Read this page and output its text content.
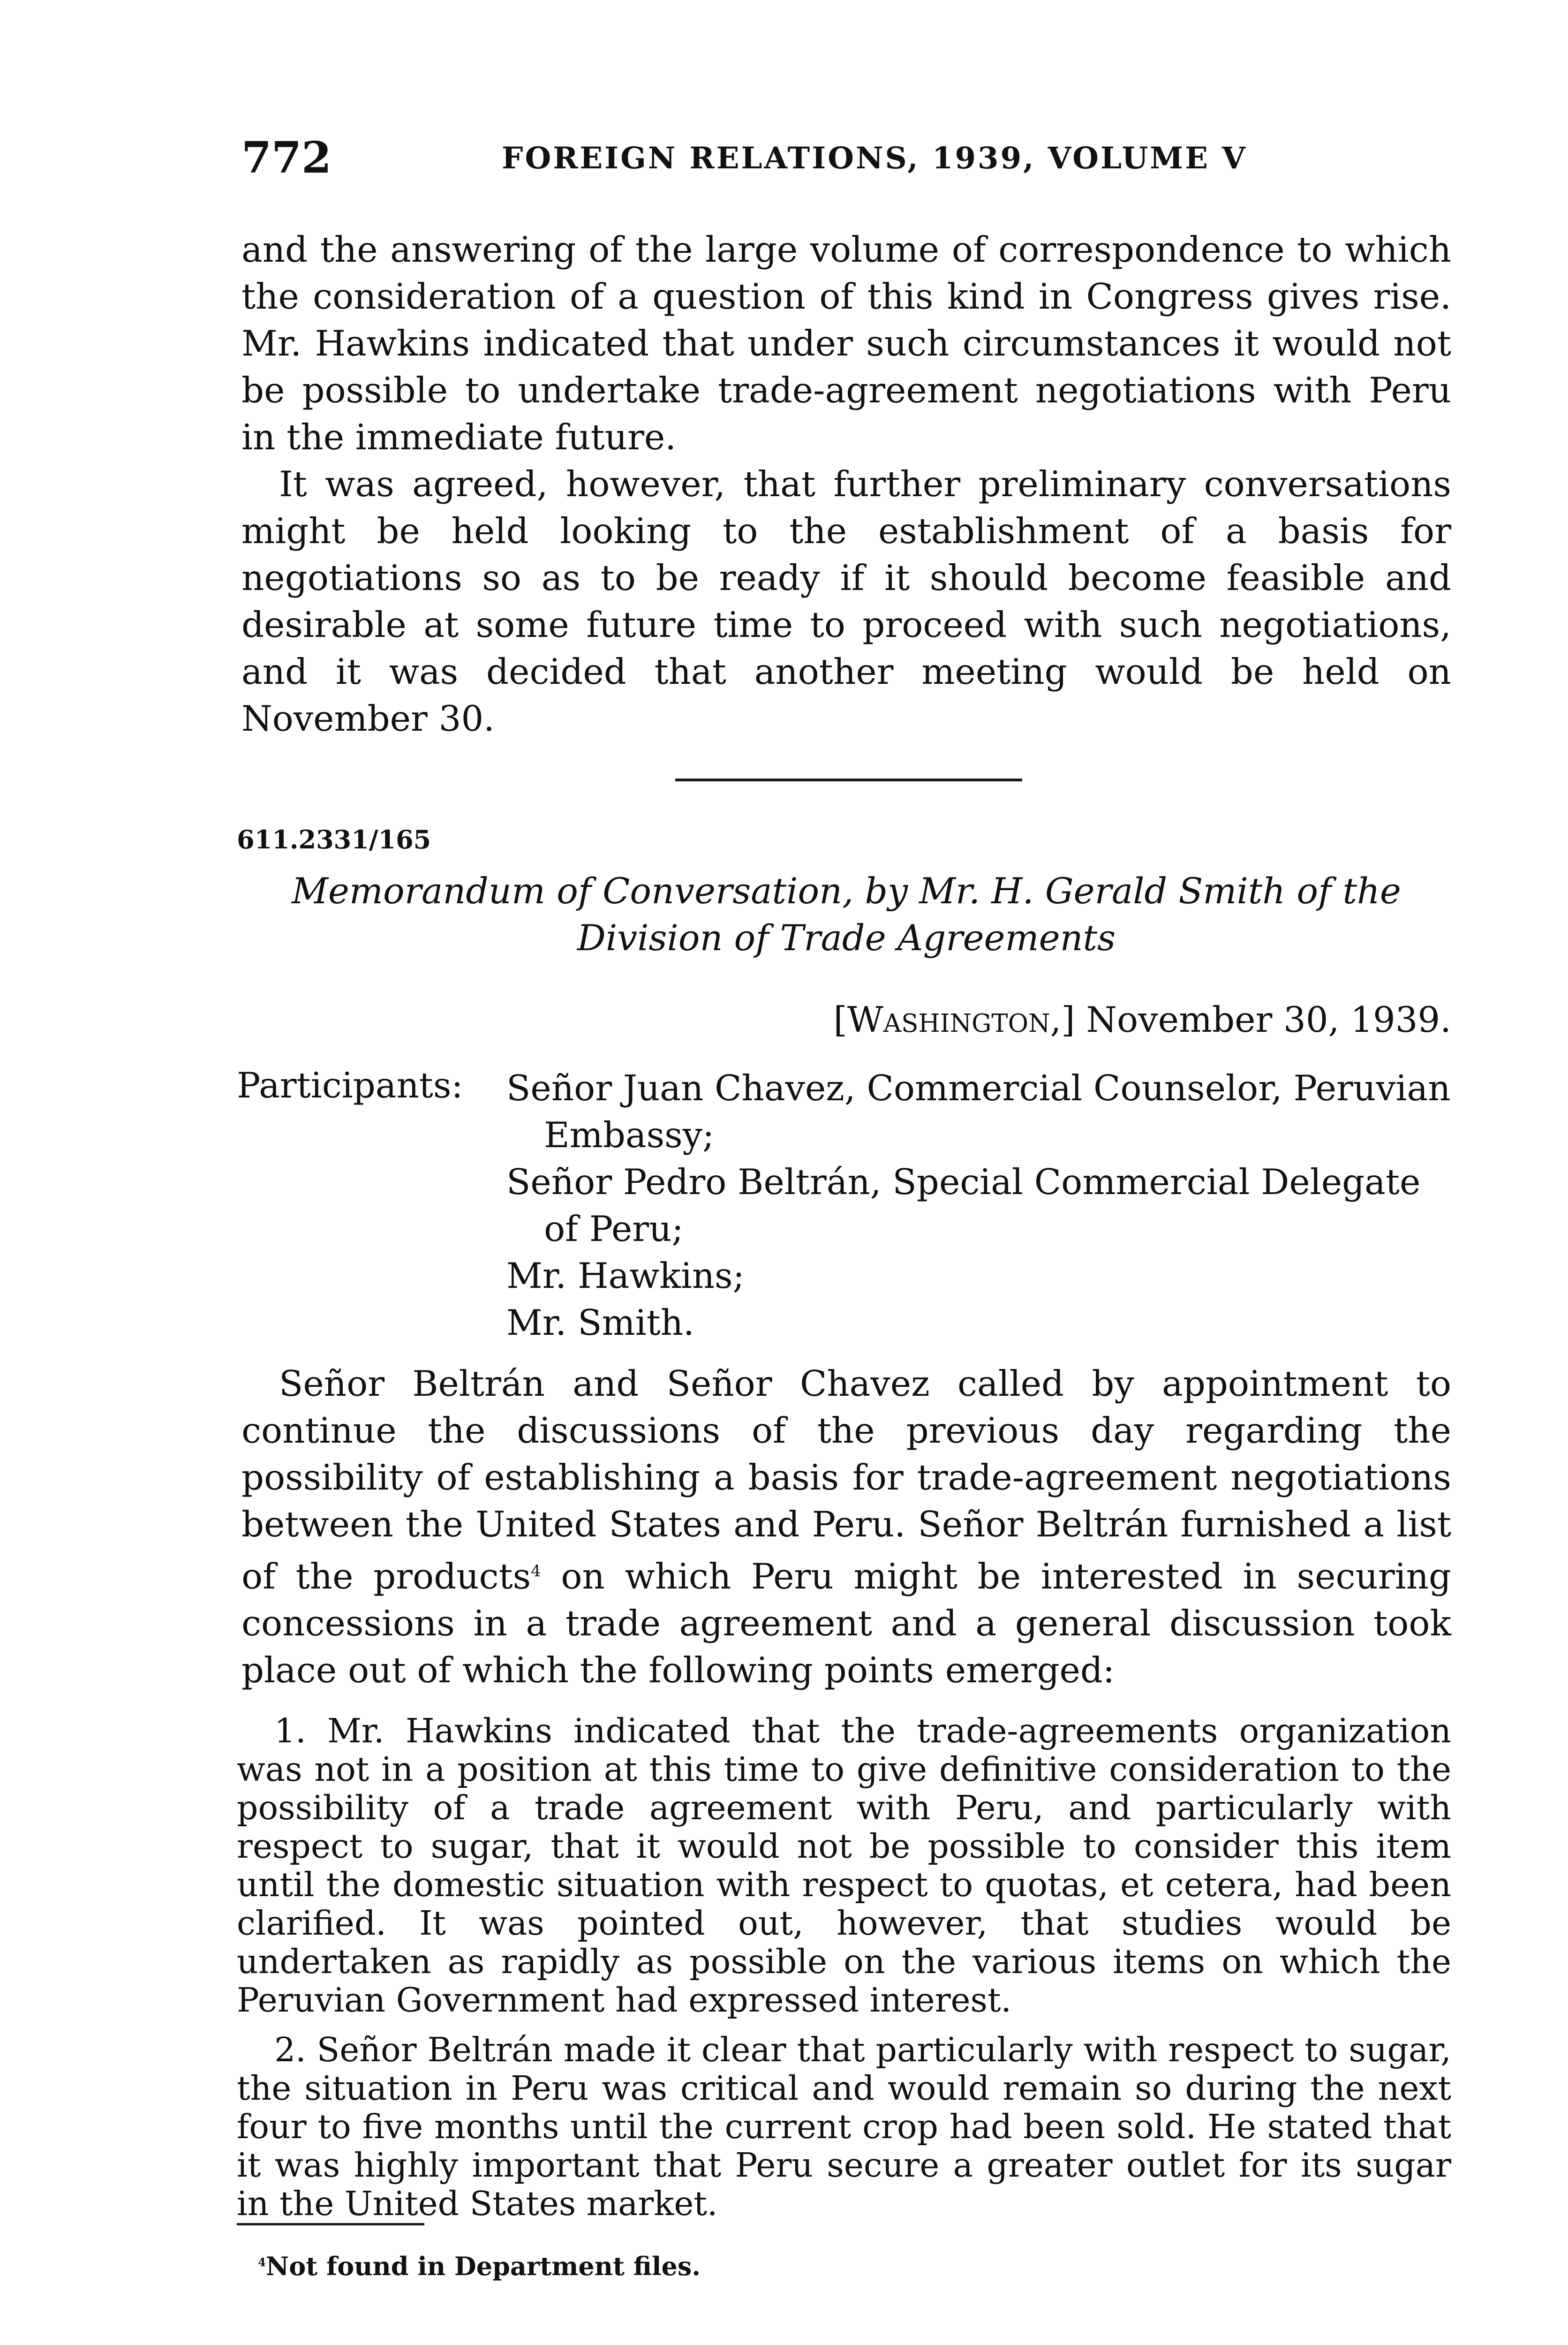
772	FOREIGN RELATIONS, 1939, VOLUME V

and the answering of the large volume of correspondence to which the consideration of a question of this kind in Congress gives rise. Mr. Hawkins indicated that under such circumstances it would not be possible to undertake trade-agreement negotiations with Peru in the immediate future.

It was agreed, however, that further preliminary conversations might be held looking to the establishment of a basis for negotiations so as to be ready if it should become feasible and desirable at some future time to proceed with such negotiations, and it was decided that another meeting would be held on November 30.

611.2331/165
Memorandum of Conversation, by Mr. H. Gerald Smith of the
Division of Trade Agreements
[Washington,] November 30, 1939.
Participants: Señor Juan Chavez, Commercial Counselor, Peruvian
Embassy;
Señor Pedro Beltrán, Special Commercial Delegate
of Peru;
Mr. Hawkins;
Mr. Smith.

Señor Beltrán and Señor Chavez called by appointment to continue the discussions of the previous day regarding the possibility of establishing a basis for trade-agreement negotiations between the United States and Peru. Señor Beltrán furnished a list of the products$^4$ on which Peru might be interested in securing concessions in a trade agreement and a general discussion took place out of which the following points emerged:

1. Mr. Hawkins indicated that the trade-agreements organization was not in a position at this time to give definitive consideration to the possibility of a trade agreement with Peru, and particularly with respect to sugar, that it would not be possible to consider this item until the domestic situation with respect to quotas, et cetera, had been clarified. It was pointed out, however, that studies would be undertaken as rapidly as possible on the various items on which the Peruvian Government had expressed interest.

2. Señor Beltrán made it clear that particularly with respect to sugar, the situation in Peru was critical and would remain so during the next four to five months until the current crop had been sold. He stated that it was highly important that Peru secure a greater outlet for its sugar in the United States market.

$^4$Not found in Department files.
